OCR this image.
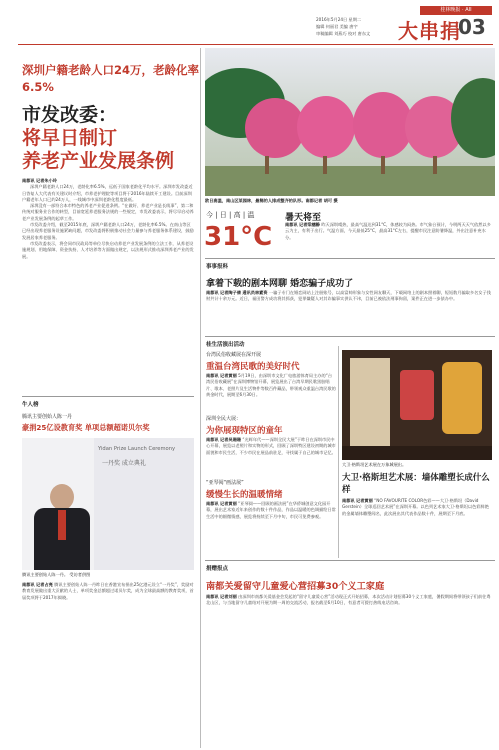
桂林晚报 · AII
2016年5月24日 星期二
编辑 何丽君 美编 唐宇
审稿编辑 刘燕巧 校对 唐东文	大串捐
03
深圳户籍老龄人口24万，老龄化率6.5%
市发改委：
将早日制订
养老产业发展条例

南都讯 记者朱小玲

深圳户籍老龄人口24万，老龄化率6.5%，远低于国家老龄化平均水平。深圳市发改委近日答复人大代表有关建议时介绍，市养老护理院等项目将于2016年陆续开工建设。目前深圳户籍老年人口已约24万人，一线城市中深圳老龄化程度最低。

深圳没有一部符合本市特色的养老产业促进条例。“在做好、养老产业是长线事”，第二和传统对服务业合作的转型，目前宽延养老服务法规的一些规定，市发改委表示，将尽早启动养老产业发展条例的起草工作。

市发改委介绍，截至2015年底，深圳户籍老龄人口24万，老龄化率6.5%。在南山等区已经出现养老服务设施紧缺问题，市发改委将积极推动社会力量参与养老服务体系建设，鼓励发展居家养老服务。

市发改委表示，将会同市民政局等单位尽快启动养老产业发展条例的立法工作，从养老设施规划、用地保障、资金扶持、人才培养等方面做出规定，以法规形式推动深圳养老产业的发展。

欧日高温，南山区某园林，最稀的人排成整齐的队形。南都记者 胡可 摄
今 | 日 | 高 | 温
31°C
暑天将至

南都讯 记者梁穗静 昨天深圳晴热，最高气温达到31°C，体感较为闷热。市气象台预计，今明两天天气依然以多云为主，有利于出行。气温方面，今天最低25°C，最高31°C左右，提醒市民注意防暑降温，外出注意补充水分。

事事报料
拿着下载的剧本网聊 婚恋骗子成功了

南都讯 记者陶子倩 通讯员林素资 一骗子专门在婚恋网站上注册账号，以高富帅形象与女性网友聊天，下载网络上的剧本照着聊，短短数月骗取多名女子钱财共计十余万元。近日，福田警方成功将其抓获，犯罪嫌疑人对其诈骗事实供认不讳，目前已被依法刑事拘留，案件正在进一步侦办中。

桂生活演出活动
台湾民俗收藏展在深开展
重温台湾民歌的美好时代

南都讯 记者黄丽 5月19日，由深圳市文化广电旅游体育局主办的“台湾民俗收藏展”在深圳博物馆开幕，展览展出了台湾早期民歌黑胶唱片、歌本、老照片及生活物件等数百件藏品，带领观众重温台湾民歌的黄金时代，展期至6月30日。

深圳全民大展：
为你展现特区的童年

南都讯 记者吴珊珊 “光辉年代——深圳全民大展”于昨日在深圳市民中心开幕，展览以老照片和实物的形式，回顾了深圳特区建设初期的城市面貌和市民生活，不少市民在展品前驻足，寻找属于自己的城市记忆。

“亚琴阅“画法展”
缓慢生长的温暖情绪

南都讯 记者黄丽 “亚琴阅——回顾的画法展”在华侨城创意文化园开幕，展出艺术家近年来创作的数十件作品，作品以温暖的色调描绘日常生活中的细微情感，展览将持续至下月中旬，市民可免费参观。

大卫·格斯坦艺术展在万象城展出。
大卫·格斯坦艺术展：墙体雕塑长成什么样

南都讯 记者黄丽 “NO FAVOURITE COLOR色彩——大卫·格斯坦（David Gerstein）全球巡回艺术展”在深圳开幕。以色列艺术家大卫·格斯坦以色彩鲜艳的金属墙体雕塑闻名，此次展出其代表作品数十件，展期至下月底。

牛人榜
腾讯主要创始人陈一丹
豪捐25亿设教育奖 单项总额超诺贝尔奖
Yidan Prize Launch Ceremony
一丹奖 成立典礼
腾讯主要创始人陈一丹。 受访者供图

南都讯 记者占亮 腾讯主要创始人陈一丹昨日在香港宣布捐出25亿港元设立“一丹奖”，奖励对教育发展做出重大贡献的人士，单项奖金总额超过诺贝尔奖，成为全球最高额的教育奖项，首届奖项将于2017年揭晓。

捐赠报点
南都关爱留守儿童爱心营招募30个义工家庭

南都讯 记者刘丽 由深圳市南都关爱基金会发起的“留守儿童爱心营”活动现正式开始招募，本次活动计划招募30个义工家庭，暑假期间将带领孩子们前往粤北山区，与当地留守儿童结对开展为期一周的交流活动，报名截至6月10日，有意者可拨打热线电话咨询。
